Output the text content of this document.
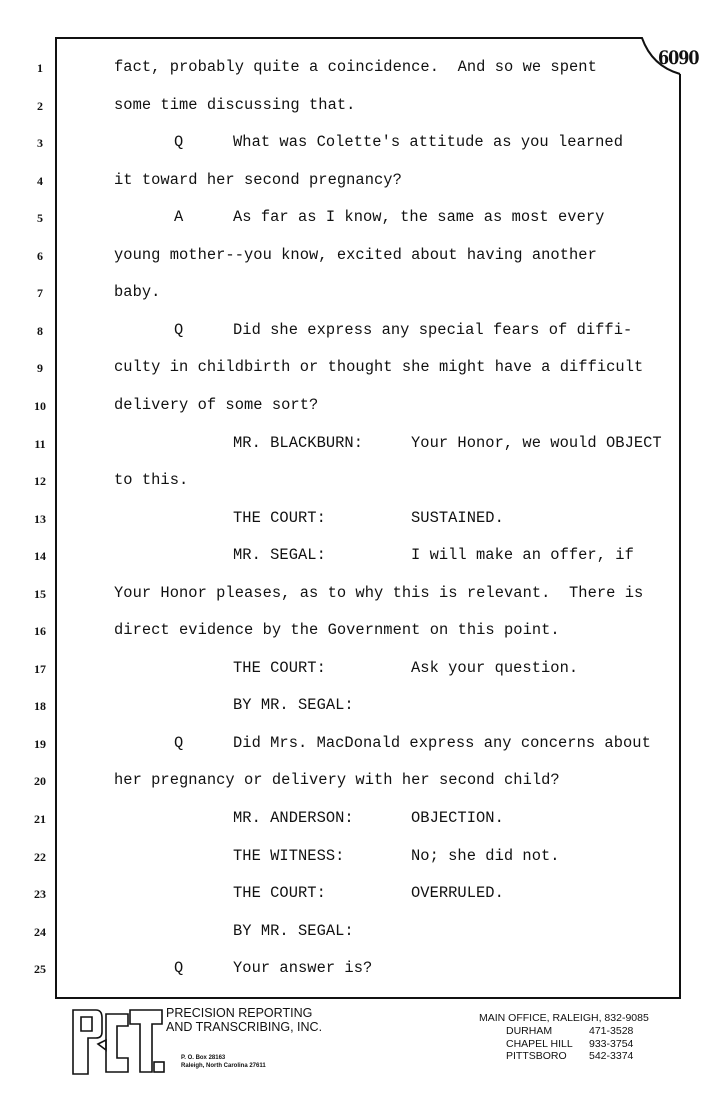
6090
1	fact, probably quite a coincidence.  And so we spent
2	some time discussing that.
3	Q	What was Colette's attitude as you learned
4	it toward her second pregnancy?
5	A	As far as I know, the same as most every
6	young mother--you know, excited about having another
7	baby.
8	Q	Did she express any special fears of diffi-
9	culty in childbirth or thought she might have a difficult
10	delivery of some sort?
11	MR. BLACKBURN:	Your Honor, we would OBJECT
12	to this.
13	THE COURT:	SUSTAINED.
14	MR. SEGAL:	I will make an offer, if
15	Your Honor pleases, as to why this is relevant.  There is
16	direct evidence by the Government on this point.
17	THE COURT:	Ask your question.
18	BY MR. SEGAL:
19	Q	Did Mrs. MacDonald express any concerns about
20	her pregnancy or delivery with her second child?
21	MR. ANDERSON:	OBJECTION.
22	THE WITNESS:	No; she did not.
23	THE COURT:	OVERRULED.
24	BY MR. SEGAL:
25	Q	Your answer is?
PRECISION REPORTING
AND TRANSCRIBING, INC.
P. O. Box 28163
Raleigh, North Carolina 27611
MAIN OFFICE, RALEIGH, 832-9085
DURHAM	471-3528
CHAPEL HILL	933-3754
PITTSBORO	542-3374
